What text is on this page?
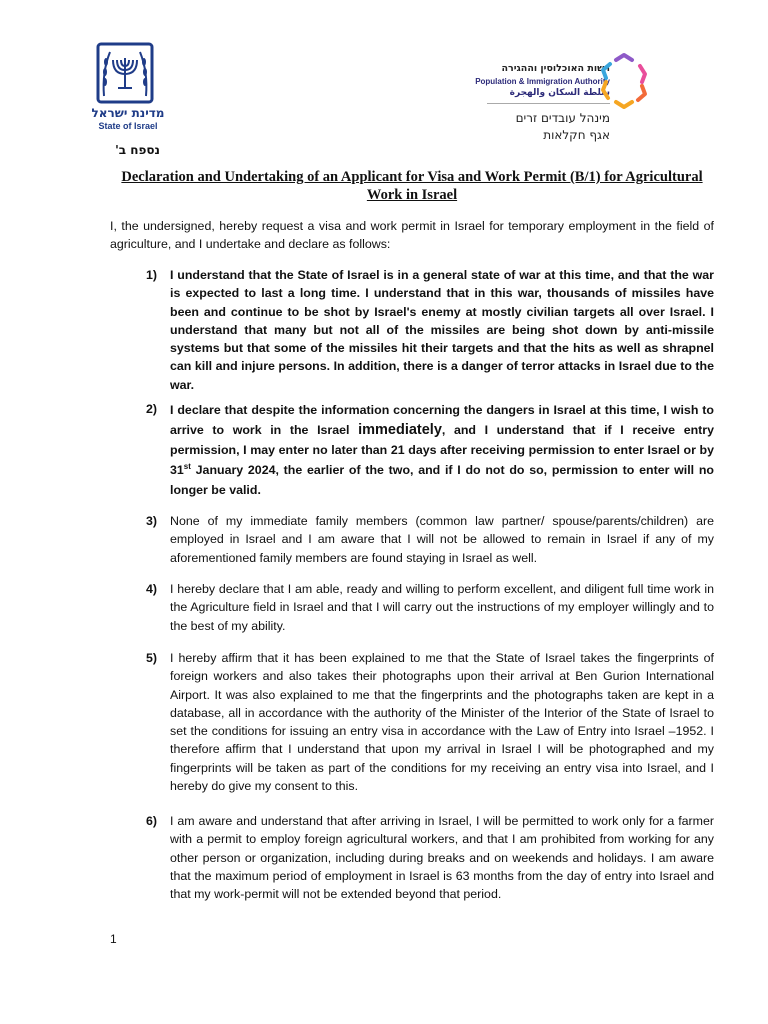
מדינת ישראל
State of Israel
נספח ב'
רשות האוכלוסין וההגירה
Population & Immigration Authority
سلطة السكان والهجرة
מינהל עובדים זרים
אגף חקלאות
Declaration and Undertaking of an Applicant for Visa and Work Permit (B/1) for Agricultural Work in Israel
I, the undersigned, hereby request a visa and work permit in Israel for temporary employment in the field of agriculture, and I undertake and declare as follows:
1) I understand that the State of Israel is in a general state of war at this time, and that the war is expected to last a long time. I understand that in this war, thousands of missiles have been and continue to be shot by Israel's enemy at mostly civilian targets all over Israel. I understand that many but not all of the missiles are being shot down by anti-missile systems but that some of the missiles hit their targets and that the hits as well as shrapnel can kill and injure persons. In addition, there is a danger of terror attacks in Israel due to the war.
2) I declare that despite the information concerning the dangers in Israel at this time, I wish to arrive to work in the Israel immediately, and I understand that if I receive entry permission, I may enter no later than 21 days after receiving permission to enter Israel or by 31st January 2024, the earlier of the two, and if I do not do so, permission to enter will no longer be valid.
3) None of my immediate family members (common law partner/ spouse/parents/children) are employed in Israel and I am aware that I will not be allowed to remain in Israel if any of my aforementioned family members are found staying in Israel as well.
4) I hereby declare that I am able, ready and willing to perform excellent, and diligent full time work in the Agriculture field in Israel and that I will carry out the instructions of my employer willingly and to the best of my ability.
5) I hereby affirm that it has been explained to me that the State of Israel takes the fingerprints of foreign workers and also takes their photographs upon their arrival at Ben Gurion International Airport. It was also explained to me that the fingerprints and the photographs taken are kept in a database, all in accordance with the authority of the Minister of the Interior of the State of Israel to set the conditions for issuing an entry visa in accordance with the Law of Entry into Israel –1952. I therefore affirm that I understand that upon my arrival in Israel I will be photographed and my fingerprints will be taken as part of the conditions for my receiving an entry visa into Israel, and I hereby do give my consent to this.
6) I am aware and understand that after arriving in Israel, I will be permitted to work only for a farmer with a permit to employ foreign agricultural workers, and that I am prohibited from working for any other person or organization, including during breaks and on weekends and holidays. I am aware that the maximum period of employment in Israel is 63 months from the day of entry into Israel and that my work-permit will not be extended beyond that period.
1
